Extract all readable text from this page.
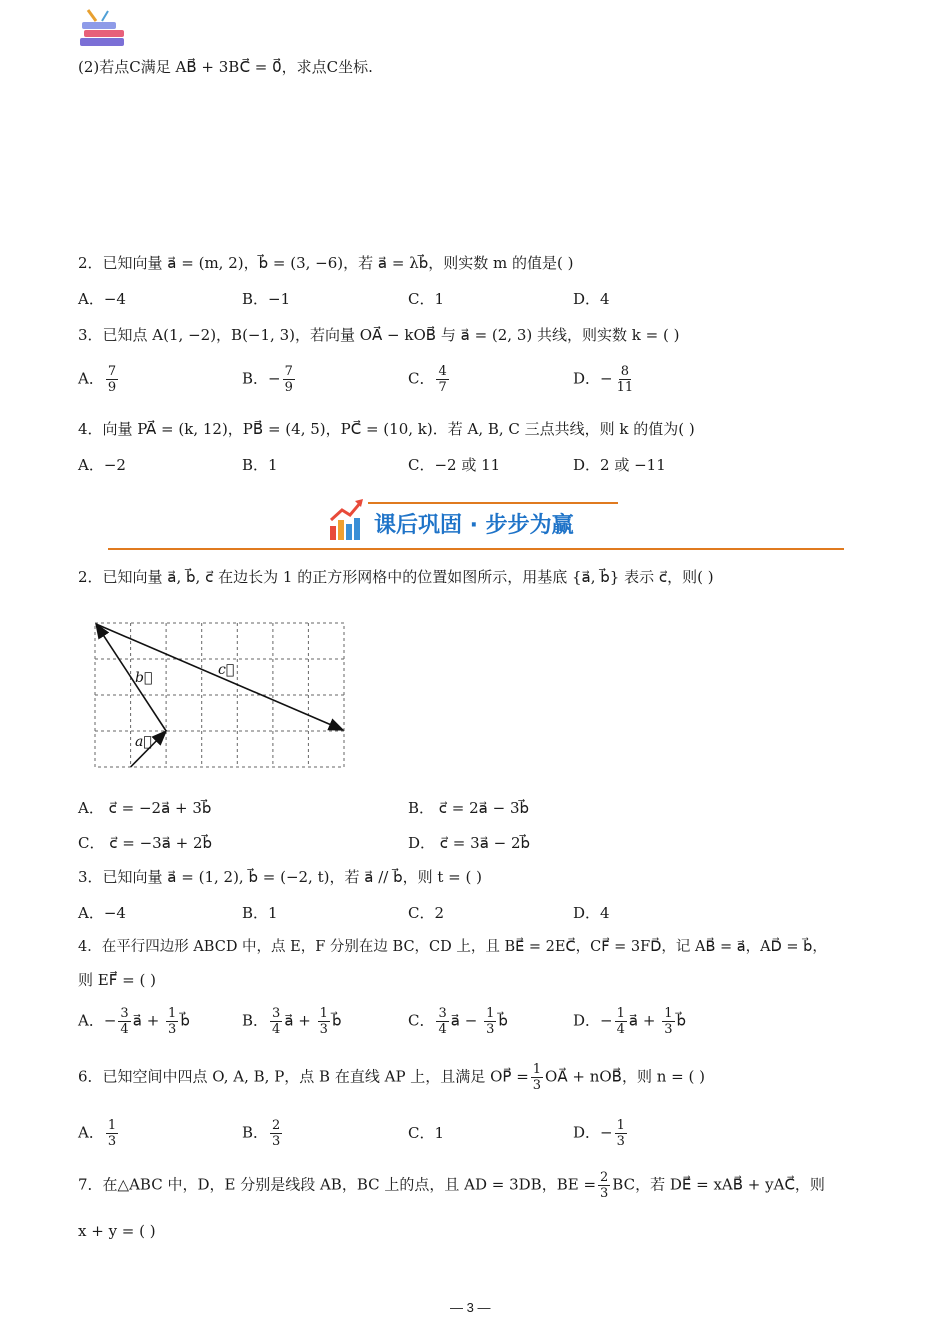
(2)若点C满足 AB⃗ + 3BC⃗ = 0⃗，求点C坐标.
2．已知向量 a⃗ = (m, 2)，b⃗ = (3, −6)，若 a⃗ = λb⃗，则实数 m 的值是( )
A．−4	B．−1	C．1	D．4
3．已知点 A(1, −2)，B(−1, 3)，若向量 OA⃗ − kOB⃗ 与 a⃗ = (2, 3) 共线，则实数 k = ( )
A． $\frac{7}{9}$	B．− $\frac{7}{9}$	C． $\frac{4}{7}$	D．− $\frac{8}{11}$
4．向量 PA⃗ = (k, 12)，PB⃗ = (4, 5)，PC⃗ = (10, k)．若 A, B, C 三点共线，则 k 的值为( )
A．−2	B．1	C．−2 或 11	D．2 或 −11
课后巩固 · 步步为赢
2．已知向量 a⃗, b⃗, c⃗ 在边长为 1 的正方形网格中的位置如图所示，用基底 {a⃗, b⃗} 表示 c⃗，则( )
a⃗
b⃗	c⃗
A． c⃗ = −2a⃗ + 3b⃗	B． c⃗ = 2a⃗ − 3b⃗
C． c⃗ = −3a⃗ + 2b⃗	D． c⃗ = 3a⃗ − 2b⃗
3．已知向量 a⃗ = (1, 2), b⃗ = (−2, t)，若 a⃗ // b⃗，则 t = ( )
A．−4	B．1	C．2	D．4
4．在平行四边形 ABCD 中，点 E，F 分别在边 BC，CD 上，且 BE⃗ = 2EC⃗，CF⃗ = 3FD⃗，记 AB⃗ = a⃗，AD⃗ = b⃗，
则 EF⃗ = ( )
A．− $\frac{3}{4}$ a⃗ + $\frac{1}{3}$ b⃗	B． $\frac{3}{4}$ a⃗ + $\frac{1}{3}$ b⃗	C． $\frac{3}{4}$ a⃗ − $\frac{1}{3}$ b⃗	D．− $\frac{1}{4}$ a⃗ + $\frac{1}{3}$ b⃗
6．已知空间中四点 O, A, B, P，点 B 在直线 AP 上，且满足 OP⃗ = $\frac{1}{3}$ OA⃗ + nOB⃗，则 n = ( )
A． $\frac{1}{3}$	B． $\frac{2}{3}$	C．1	D．− $\frac{1}{3}$
7．在△ABC 中，D，E 分别是线段 AB，BC 上的点，且 AD = 3DB，BE = $\frac{2}{3}$ BC，若 DE⃗ = xAB⃗ + yAC⃗，则
x + y = ( )
— 3 —
